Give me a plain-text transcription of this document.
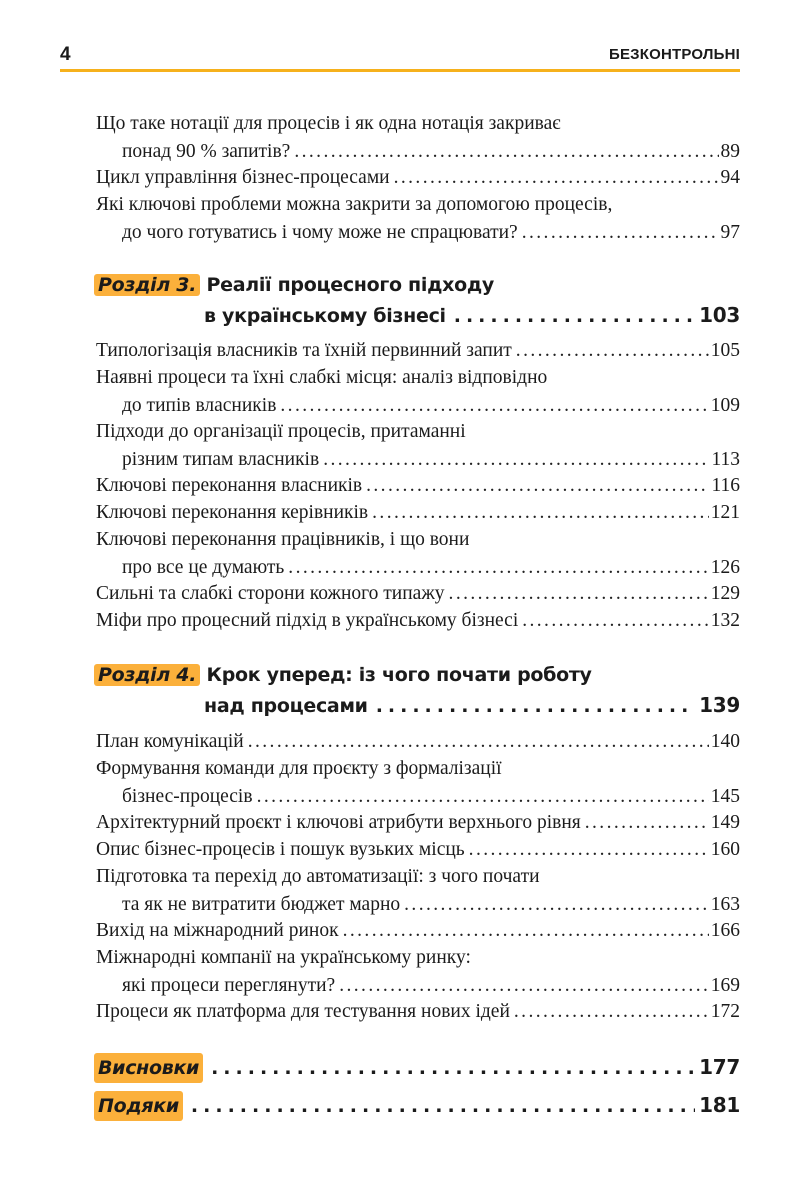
4	БЕЗКОНТРОЛЬНІ
Що таке нотації для процесів і як одна нотація закриває
понад 90 % запитів? .....	89
Цикл управління бізнес-процесами .....	94
Які ключові проблеми можна закрити за допомогою процесів,
до чого готуватись і чому може не спрацювати? .....	97
Розділ 3. Реалії процесного підходу
в українському бізнесі .....	103
Типологізація власників та їхній первинний запит .....	105
Наявні процеси та їхні слабкі місця: аналіз відповідно
до типів власників .....	109
Підходи до організації процесів, притаманні
різним типам власників .....	113
Ключові переконання власників .....	116
Ключові переконання керівників .....	121
Ключові переконання працівників, і що вони
про все це думають .....	126
Сильні та слабкі сторони кожного типажу .....	129
Міфи про процесний підхід в українському бізнесі .....	132
Розділ 4. Крок уперед: із чого почати роботу
над процесами .....	139
План комунікацій .....	140
Формування команди для проєкту з формалізації
бізнес-процесів .....	145
Архітектурний проєкт і ключові атрибути верхнього рівня .....	149
Опис бізнес-процесів і пошук вузьких місць .....	160
Підготовка та перехід до автоматизації: з чого почати
та як не витратити бюджет марно .....	163
Вихід на міжнародний ринок .....	166
Міжнародні компанії на українському ринку:
які процеси переглянути? .....	169
Процеси як платформа для тестування нових ідей .....	172
Висновки .....	177
Подяки .....	181
